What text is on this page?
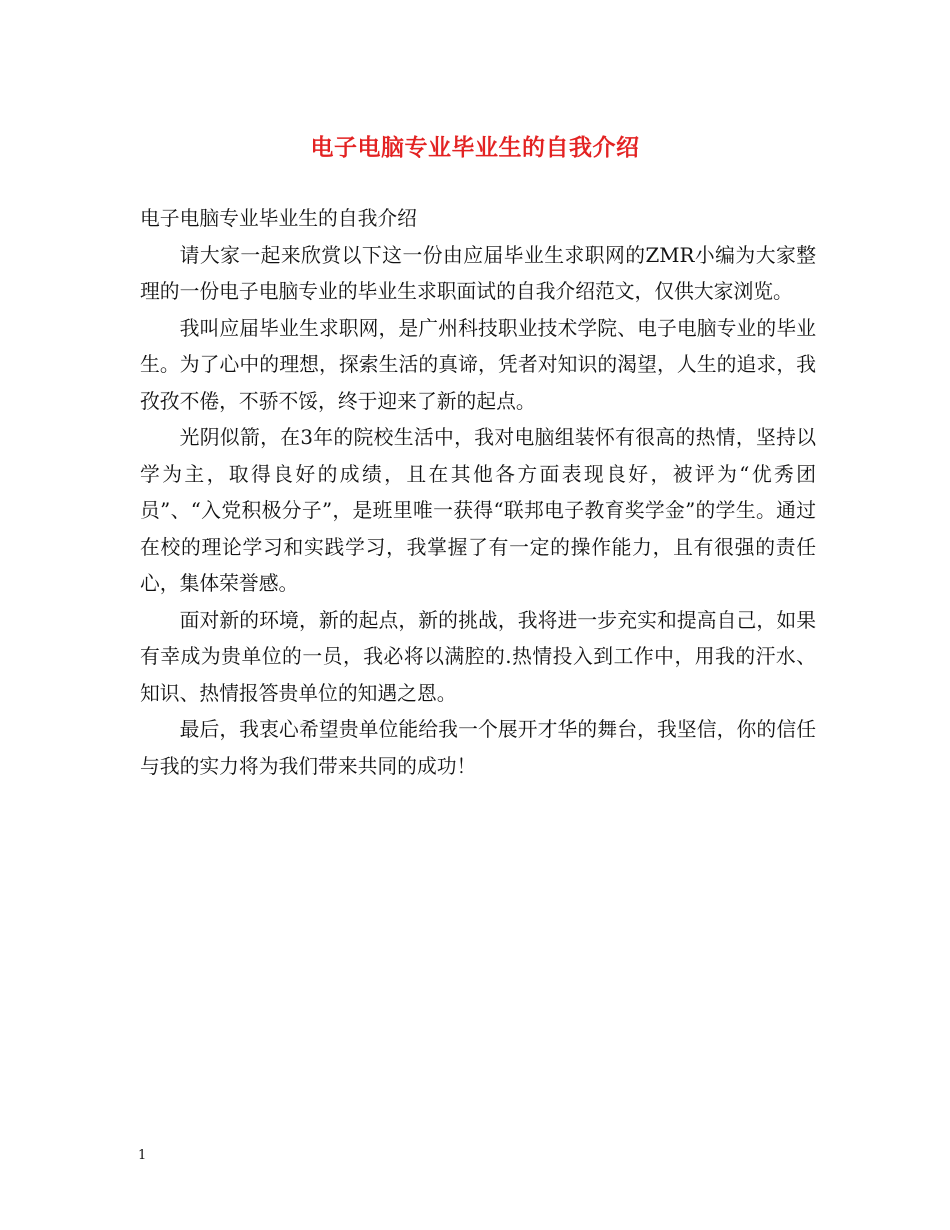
电子电脑专业毕业生的自我介绍

电子电脑专业毕业生的自我介绍

请大家一起来欣赏以下这一份由应届毕业生求职网的ZMR小编为大家整理的一份电子电脑专业的毕业生求职面试的自我介绍范文，仅供大家浏览。

我叫应届毕业生求职网，是广州科技职业技术学院、电子电脑专业的毕业生。为了心中的理想，探索生活的真谛，凭者对知识的渴望，人生的追求，我孜孜不倦，不骄不馁，终于迎来了新的起点。

光阴似箭，在3年的院校生活中，我对电脑组装怀有很高的热情，坚持以学为主，取得良好的成绩，且在其他各方面表现良好，被评为“优秀团员”、“入党积极分子”，是班里唯一获得“联邦电子教育奖学金”的学生。通过在校的理论学习和实践学习，我掌握了有一定的操作能力，且有很强的责任心，集体荣誉感。

面对新的环境，新的起点，新的挑战，我将进一步充实和提高自己，如果有幸成为贵单位的一员，我必将以满腔的.热情投入到工作中，用我的汗水、知识、热情报答贵单位的知遇之恩。

最后，我衷心希望贵单位能给我一个展开才华的舞台，我坚信，你的信任与我的实力将为我们带来共同的成功！

1
